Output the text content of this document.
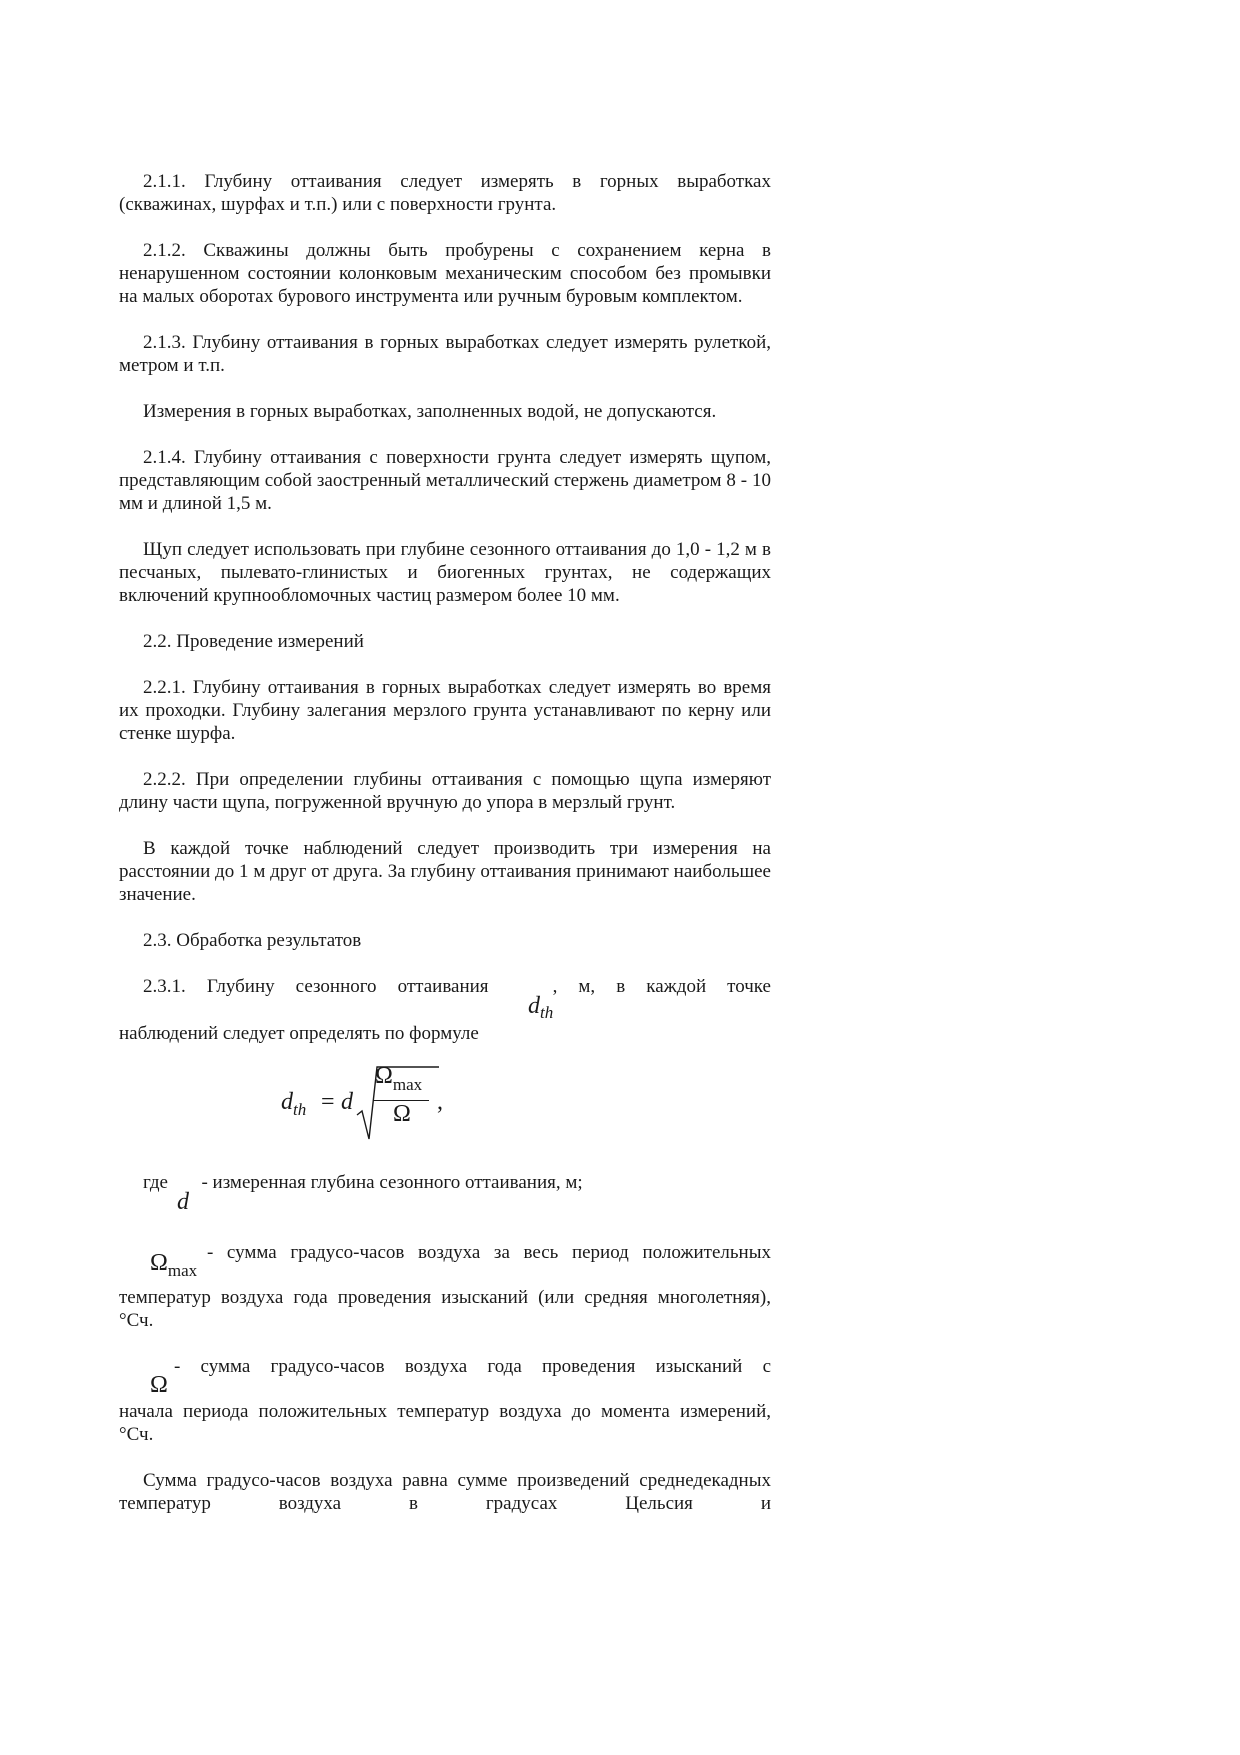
2.1.1. Глубину оттаивания следует измерять в горных выработках (скважинах, шурфах и т.п.) или с поверхности грунта.

2.1.2. Скважины должны быть пробурены с сохранением керна в ненарушенном состоянии колонковым механическим способом без промывки на малых оборотах бурового инструмента или ручным буровым комплектом.

2.1.3. Глубину оттаивания в горных выработках следует измерять рулеткой, метром и т.п.

Измерения в горных выработках, заполненных водой, не допускаются.

2.1.4. Глубину оттаивания с поверхности грунта следует измерять щупом, представляющим собой заостренный металлический стержень диаметром 8 - 10 мм и длиной 1,5 м.

Щуп следует использовать при глубине сезонного оттаивания до 1,0 - 1,2 м в песчаных, пылевато-глинистых и биогенных грунтах, не содержащих включений крупнообломочных частиц размером более 10 мм.

2.2. Проведение измерений

2.2.1. Глубину оттаивания в горных выработках следует измерять во время их проходки. Глубину залегания мерзлого грунта устанавливают по керну или стенке шурфа.

2.2.2. При определении глубины оттаивания с помощью щупа измеряют длину части щупа, погруженной вручную до упора в мерзлый грунт.

В каждой точке наблюдений следует производить три измерения на расстоянии до 1 м друг от друга. За глубину оттаивания принимают наибольшее значение.

2.3. Обработка результатов

2.3.1. Глубину сезонного оттаивания	, м, в каждой точке

$d_{th}$

наблюдений следует определять по формуле

$d_{th} = d$
$\Omega_{max}$
Ω ,
где - измеренная глубина сезонного оттаивания, м;
d
- сумма градусо-часов воздуха за весь период положительных
$\Omega_{max}$
температур воздуха года проведения изысканий (или средняя многолетняя), °Сч.
- сумма градусо-часов воздуха года проведения изысканий с
Ω
начала периода положительных температур воздуха до момента измерений, °Сч.

Сумма градусо-часов воздуха равна сумме произведений среднедекадных температур воздуха в градусах Цельсия и
